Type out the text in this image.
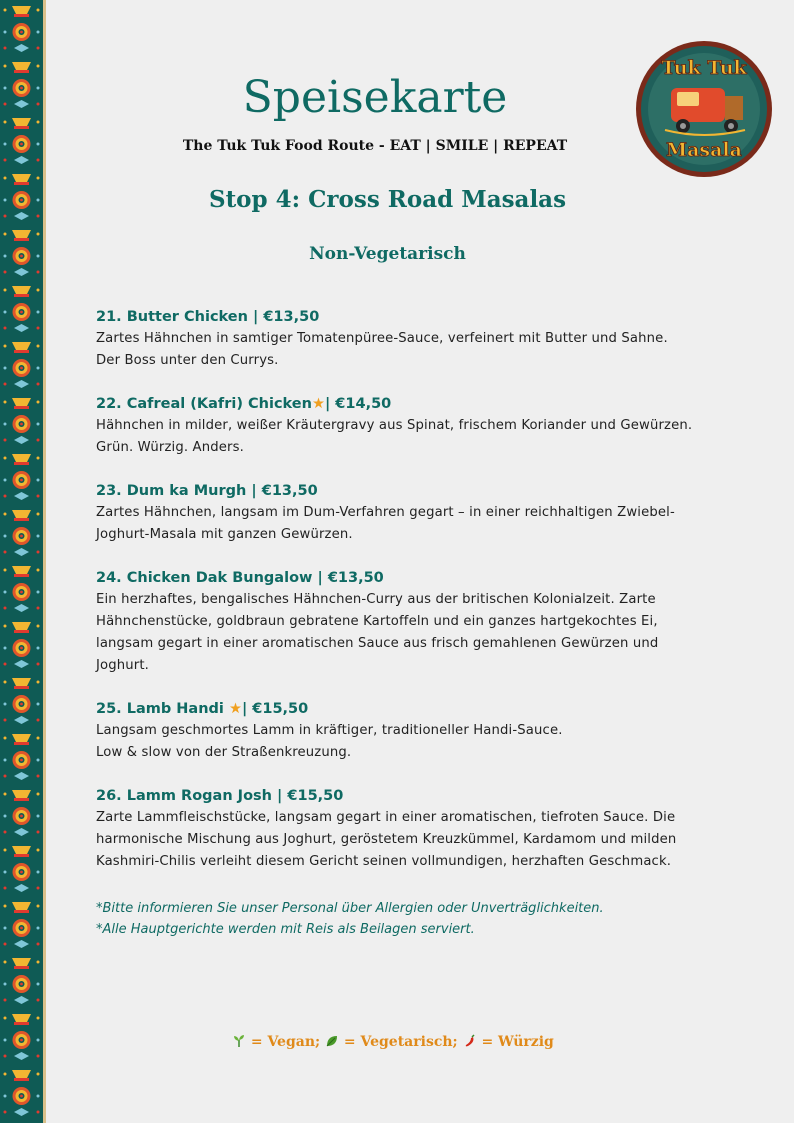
Speisekarte
The Tuk Tuk Food Route - EAT | SMILE | REPEAT
Stop 4: Cross Road Masalas
Non-Vegetarisch
Tuk Tuk
Masala
21. Butter Chicken | €13,50
Zartes Hähnchen in samtiger Tomatenpüree-Sauce, verfeinert mit Butter und Sahne.
Der Boss unter den Currys.
22. Cafreal (Kafri) Chicken★| €14,50
Hähnchen in milder, weißer Kräutergravy aus Spinat, frischem Koriander und Gewürzen.
Grün. Würzig. Anders.
23. Dum ka Murgh | €13,50
Zartes Hähnchen, langsam im Dum-Verfahren gegart – in einer reichhaltigen Zwiebel-
Joghurt-Masala mit ganzen Gewürzen.
24. Chicken Dak Bungalow | €13,50
Ein herzhaftes, bengalisches Hähnchen-Curry aus der britischen Kolonialzeit. Zarte
Hähnchenstücke, goldbraun gebratene Kartoffeln und ein ganzes hartgekochtes Ei,
langsam gegart in einer aromatischen Sauce aus frisch gemahlenen Gewürzen und
Joghurt.
25. Lamb Handi ★| €15,50
Langsam geschmortes Lamm in kräftiger, traditioneller Handi-Sauce.
Low & slow von der Straßenkreuzung.
26. Lamm Rogan Josh | €15,50
Zarte Lammfleischstücke, langsam gegart in einer aromatischen, tiefroten Sauce. Die
harmonische Mischung aus Joghurt, geröstetem Kreuzkümmel, Kardamom und milden
Kashmiri-Chilis verleiht diesem Gericht seinen vollmundigen, herzhaften Geschmack.
*Bitte informieren Sie unser Personal über Allergien oder Unverträglichkeiten.
*Alle Hauptgerichte werden mit Reis als Beilagen serviert.
= Vegan; = Vegetarisch; = Würzig
